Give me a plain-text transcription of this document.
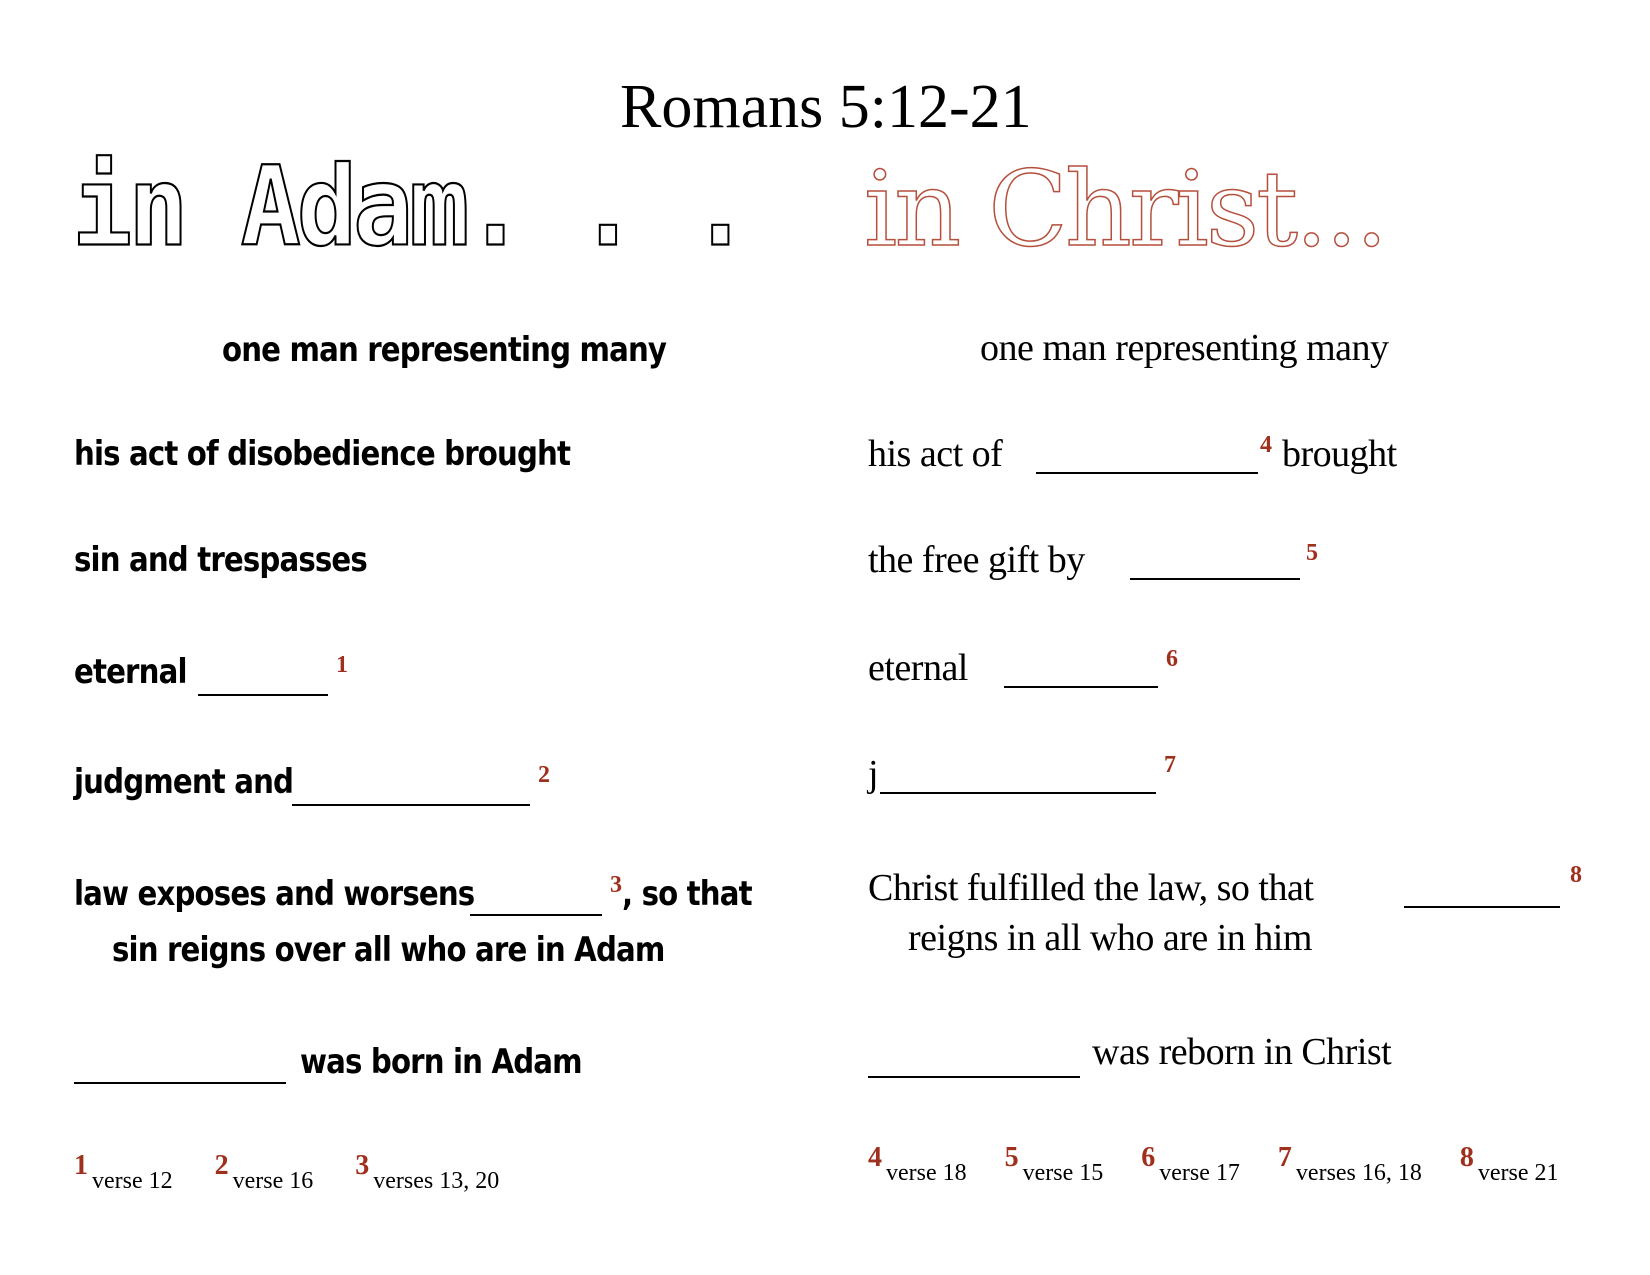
Romans 5:12-21
in Adam. . . in Christ...
one man representing many	one man representing many
his act of disobedience brought
sin and trespasses
eternal	1
judgment and	2
law exposes and worsens	3 , so that
sin reigns over all who are in Adam
was born in Adam
1 verse 12 2 verse 16 3 verses 13, 20
his act of	4 brought
the free gift by	5
eternal	6
j	7
Christ fulfilled the law, so that	8
reigns in all who are in him
was reborn in Christ
4 verse 18 5 verse 15 6 verse 17 7 verses 16, 18 8 verse 21
